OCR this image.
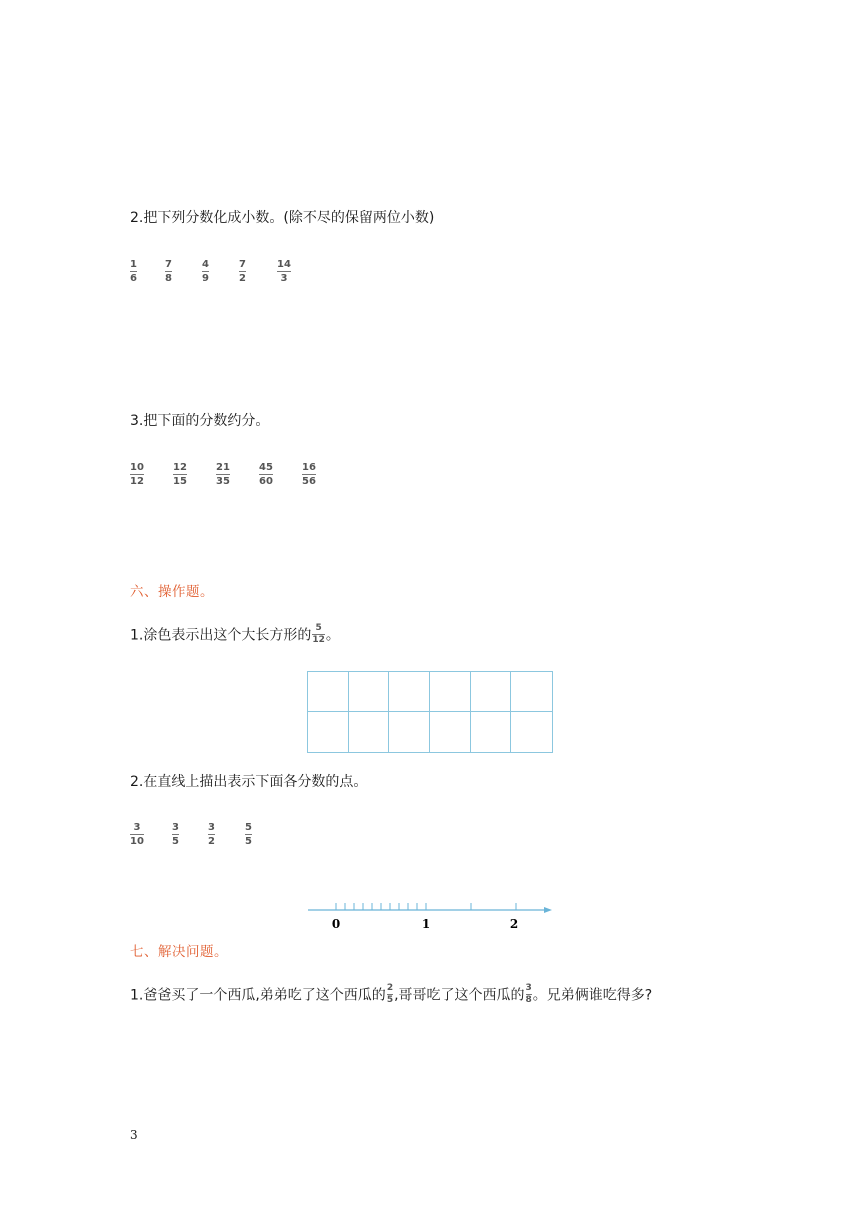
2.把下列分数化成小数。(除不尽的保留两位小数)
1
6
7
8
4
9
7
2
14
3
3.把下面的分数约分。
10
12
12
15
21
35
45
60
16
56
六、操作题。
1.涂色表示出这个大长方形的 $\frac{5}{12}$ 。
2.在直线上描出表示下面各分数的点。
3
10
3
5
3
2
5
5
0	1	2
七、解决问题。
1.爸爸买了一个西瓜,弟弟吃了这个西瓜的 $\frac{2}{5}$ ,哥哥吃了这个西瓜的 $\frac{3}{8}$ 。兄弟俩谁吃得多?
3
